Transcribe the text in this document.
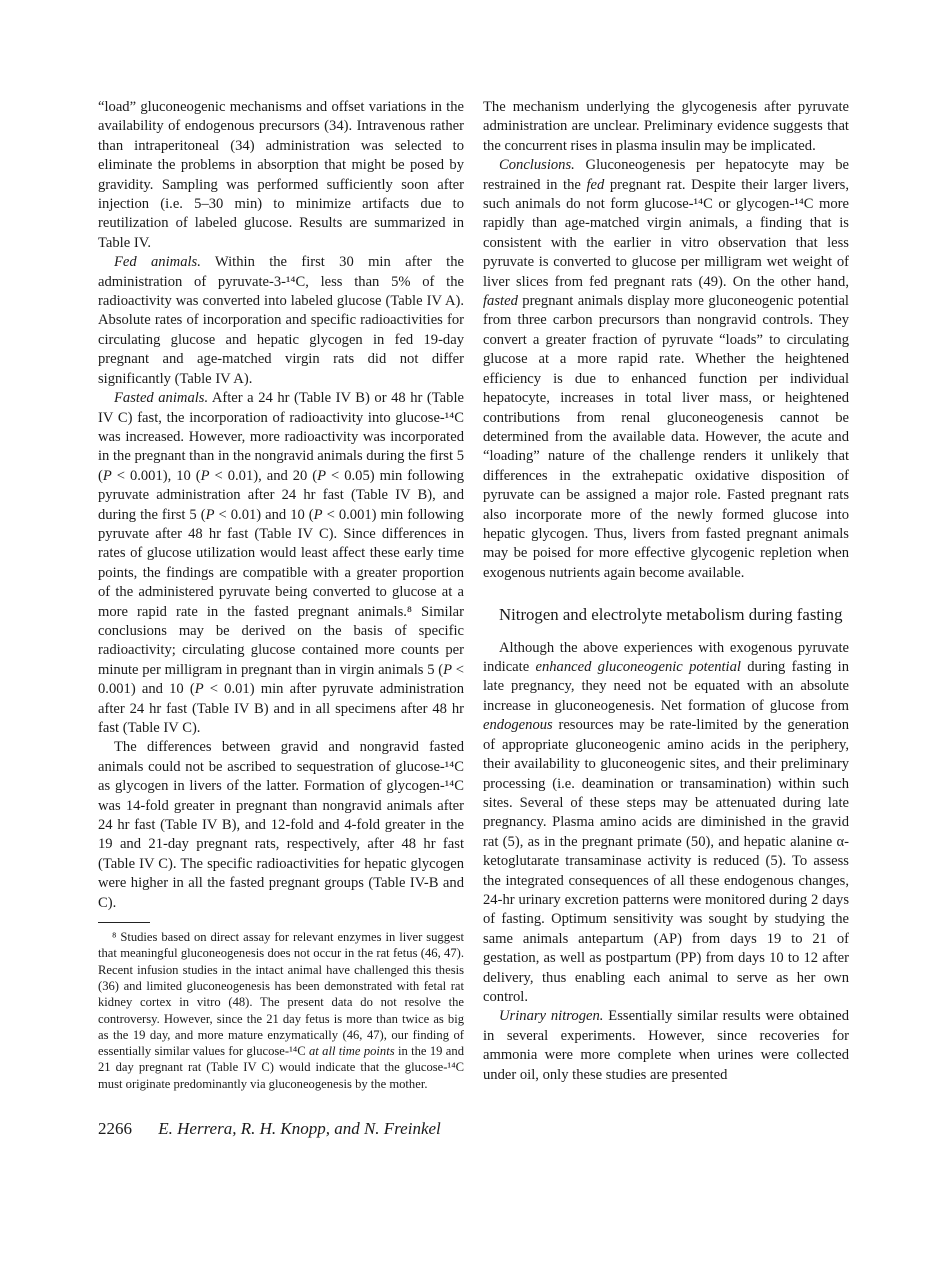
“load” gluconeogenic mechanisms and offset variations in the availability of endogenous precursors (34). Intravenous rather than intraperitoneal (34) administration was selected to eliminate the problems in absorption that might be posed by gravidity. Sampling was performed sufficiently soon after injection (i.e. 5–30 min) to minimize artifacts due to reutilization of labeled glucose. Results are summarized in Table IV.

Fed animals. Within the first 30 min after the administration of pyruvate-3-¹⁴C, less than 5% of the radioactivity was converted into labeled glucose (Table IV A). Absolute rates of incorporation and specific radioactivities for circulating glucose and hepatic glycogen in fed 19-day pregnant and age-matched virgin rats did not differ significantly (Table IV A).

Fasted animals. After a 24 hr (Table IV B) or 48 hr (Table IV C) fast, the incorporation of radioactivity into glucose-¹⁴C was increased. However, more radioactivity was incorporated in the pregnant than in the nongravid animals during the first 5 (P < 0.001), 10 (P < 0.01), and 20 (P < 0.05) min following pyruvate administration after 24 hr fast (Table IV B), and during the first 5 (P < 0.01) and 10 (P < 0.001) min following pyruvate after 48 hr fast (Table IV C). Since differences in rates of glucose utilization would least affect these early time points, the findings are compatible with a greater proportion of the administered pyruvate being converted to glucose at a more rapid rate in the fasted pregnant animals.⁸ Similar conclusions may be derived on the basis of specific radioactivity; circulating glucose contained more counts per minute per milligram in pregnant than in virgin animals 5 (P < 0.001) and 10 (P < 0.01) min after pyruvate administration after 24 hr fast (Table IV B) and in all specimens after 48 hr fast (Table IV C).

The differences between gravid and nongravid fasted animals could not be ascribed to sequestration of glucose-¹⁴C as glycogen in livers of the latter. Formation of glycogen-¹⁴C was 14-fold greater in pregnant than nongravid animals after 24 hr fast (Table IV B), and 12-fold and 4-fold greater in the 19 and 21-day pregnant rats, respectively, after 48 hr fast (Table IV C). The specific radioactivities for hepatic glycogen were higher in all the fasted pregnant groups (Table IV-B and C).

⁸ Studies based on direct assay for relevant enzymes in liver suggest that meaningful gluconeogenesis does not occur in the rat fetus (46, 47). Recent infusion studies in the intact animal have challenged this thesis (36) and limited gluconeogenesis has been demonstrated with fetal rat kidney cortex in vitro (48). The present data do not resolve the controversy. However, since the 21 day fetus is more than twice as big as the 19 day, and more mature enzymatically (46, 47), our finding of essentially similar values for glucose-¹⁴C at all time points in the 19 and 21 day pregnant rat (Table IV C) would indicate that the glucose-¹⁴C must originate predominantly via gluconeogenesis by the mother.

2266 E. Herrera, R. H. Knopp, and N. Freinkel

The mechanism underlying the glycogenesis after pyruvate administration are unclear. Preliminary evidence suggests that the concurrent rises in plasma insulin may be implicated.

Conclusions. Gluconeogenesis per hepatocyte may be restrained in the fed pregnant rat. Despite their larger livers, such animals do not form glucose-¹⁴C or glycogen-¹⁴C more rapidly than age-matched virgin animals, a finding that is consistent with the earlier in vitro observation that less pyruvate is converted to glucose per milligram wet weight of liver slices from fed pregnant rats (49). On the other hand, fasted pregnant animals display more gluconeogenic potential from three carbon precursors than nongravid controls. They convert a greater fraction of pyruvate “loads” to circulating glucose at a more rapid rate. Whether the heightened efficiency is due to enhanced function per individual hepatocyte, increases in total liver mass, or heightened contributions from renal gluconeogenesis cannot be determined from the available data. However, the acute and “loading” nature of the challenge renders it unlikely that differences in the extrahepatic oxidative disposition of pyruvate can be assigned a major role. Fasted pregnant rats also incorporate more of the newly formed glucose into hepatic glycogen. Thus, livers from fasted pregnant animals may be poised for more effective glycogenic repletion when exogenous nutrients again become available.

Nitrogen and electrolyte metabolism during fasting

Although the above experiences with exogenous pyruvate indicate enhanced gluconeogenic potential during fasting in late pregnancy, they need not be equated with an absolute increase in gluconeogenesis. Net formation of glucose from endogenous resources may be rate-limited by the generation of appropriate gluconeogenic amino acids in the periphery, their availability to gluconeogenic sites, and their preliminary processing (i.e. deamination or transamination) within such sites. Several of these steps may be attenuated during late pregnancy. Plasma amino acids are diminished in the gravid rat (5), as in the pregnant primate (50), and hepatic alanine α-ketoglutarate transaminase activity is reduced (5). To assess the integrated consequences of all these endogenous changes, 24-hr urinary excretion patterns were monitored during 2 days of fasting. Optimum sensitivity was sought by studying the same animals antepartum (AP) from days 19 to 21 of gestation, as well as postpartum (PP) from days 10 to 12 after delivery, thus enabling each animal to serve as her own control.

Urinary nitrogen. Essentially similar results were obtained in several experiments. However, since recoveries for ammonia were more complete when urines were collected under oil, only these studies are presented
